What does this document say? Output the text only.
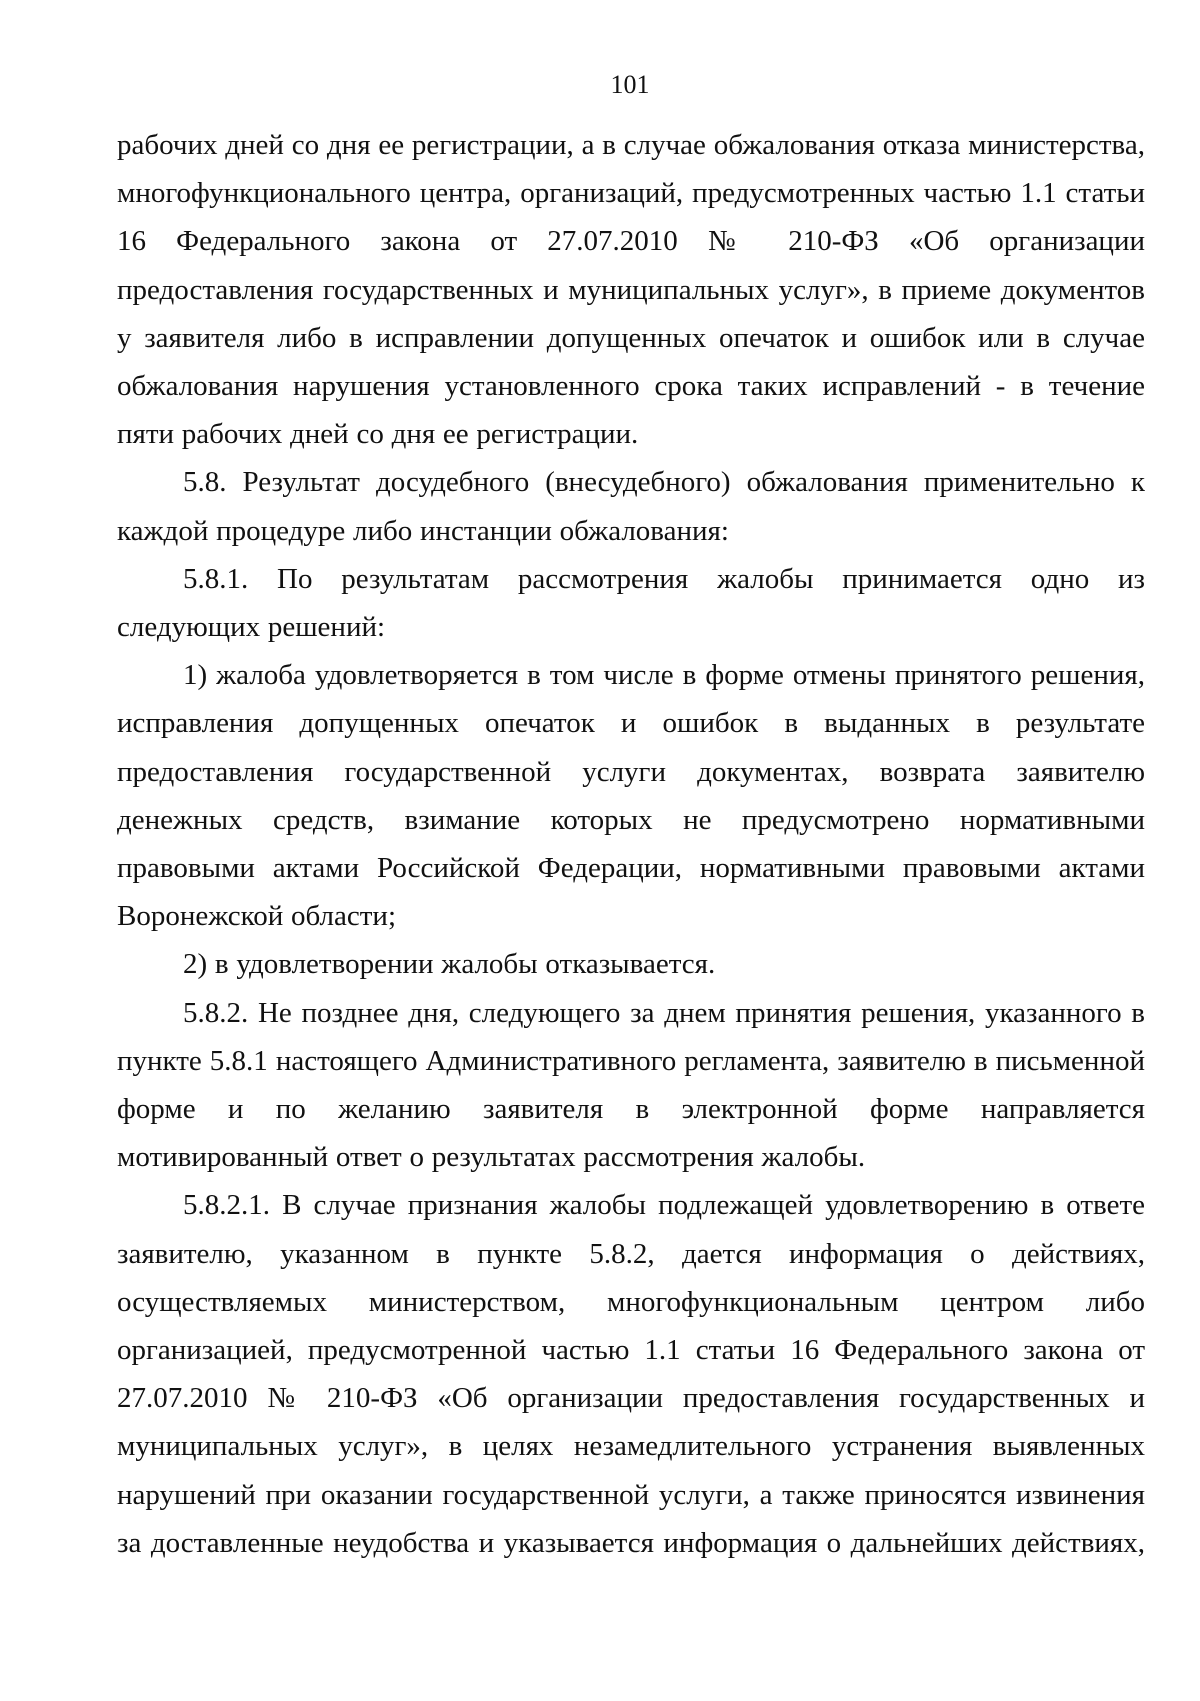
101

рабочих дней со дня ее регистрации, а в случае обжалования отказа министерства, многофункционального центра, организаций, предусмотренных частью 1.1 статьи 16 Федерального закона от 27.07.2010 № 210-ФЗ «Об организации предоставления государственных и муниципальных услуг», в приеме документов у заявителя либо в исправлении допущенных опечаток и ошибок или в случае обжалования нарушения установленного срока таких исправлений - в течение пяти рабочих дней со дня ее регистрации.

5.8. Результат досудебного (внесудебного) обжалования применительно к каждой процедуре либо инстанции обжалования:

5.8.1. По результатам рассмотрения жалобы принимается одно из следующих решений:

1) жалоба удовлетворяется в том числе в форме отмены принятого решения, исправления допущенных опечаток и ошибок в выданных в результате предоставления государственной услуги документах, возврата заявителю денежных средств, взимание которых не предусмотрено нормативными правовыми актами Российской Федерации, нормативными правовыми актами Воронежской области;

2) в удовлетворении жалобы отказывается.

5.8.2. Не позднее дня, следующего за днем принятия решения, указанного в пункте 5.8.1 настоящего Административного регламента, заявителю в письменной форме и по желанию заявителя в электронной форме направляется мотивированный ответ о результатах рассмотрения жалобы.

5.8.2.1. В случае признания жалобы подлежащей удовлетворению в ответе заявителю, указанном в пункте 5.8.2, дается информация о действиях, осуществляемых министерством, многофункциональным центром либо организацией, предусмотренной частью 1.1 статьи 16 Федерального закона от 27.07.2010 № 210-ФЗ «Об организации предоставления государственных и муниципальных услуг», в целях незамедлительного устранения выявленных нарушений при оказании государственной услуги, а также приносятся извинения за доставленные неудобства и указывается информация о дальнейших действиях,
